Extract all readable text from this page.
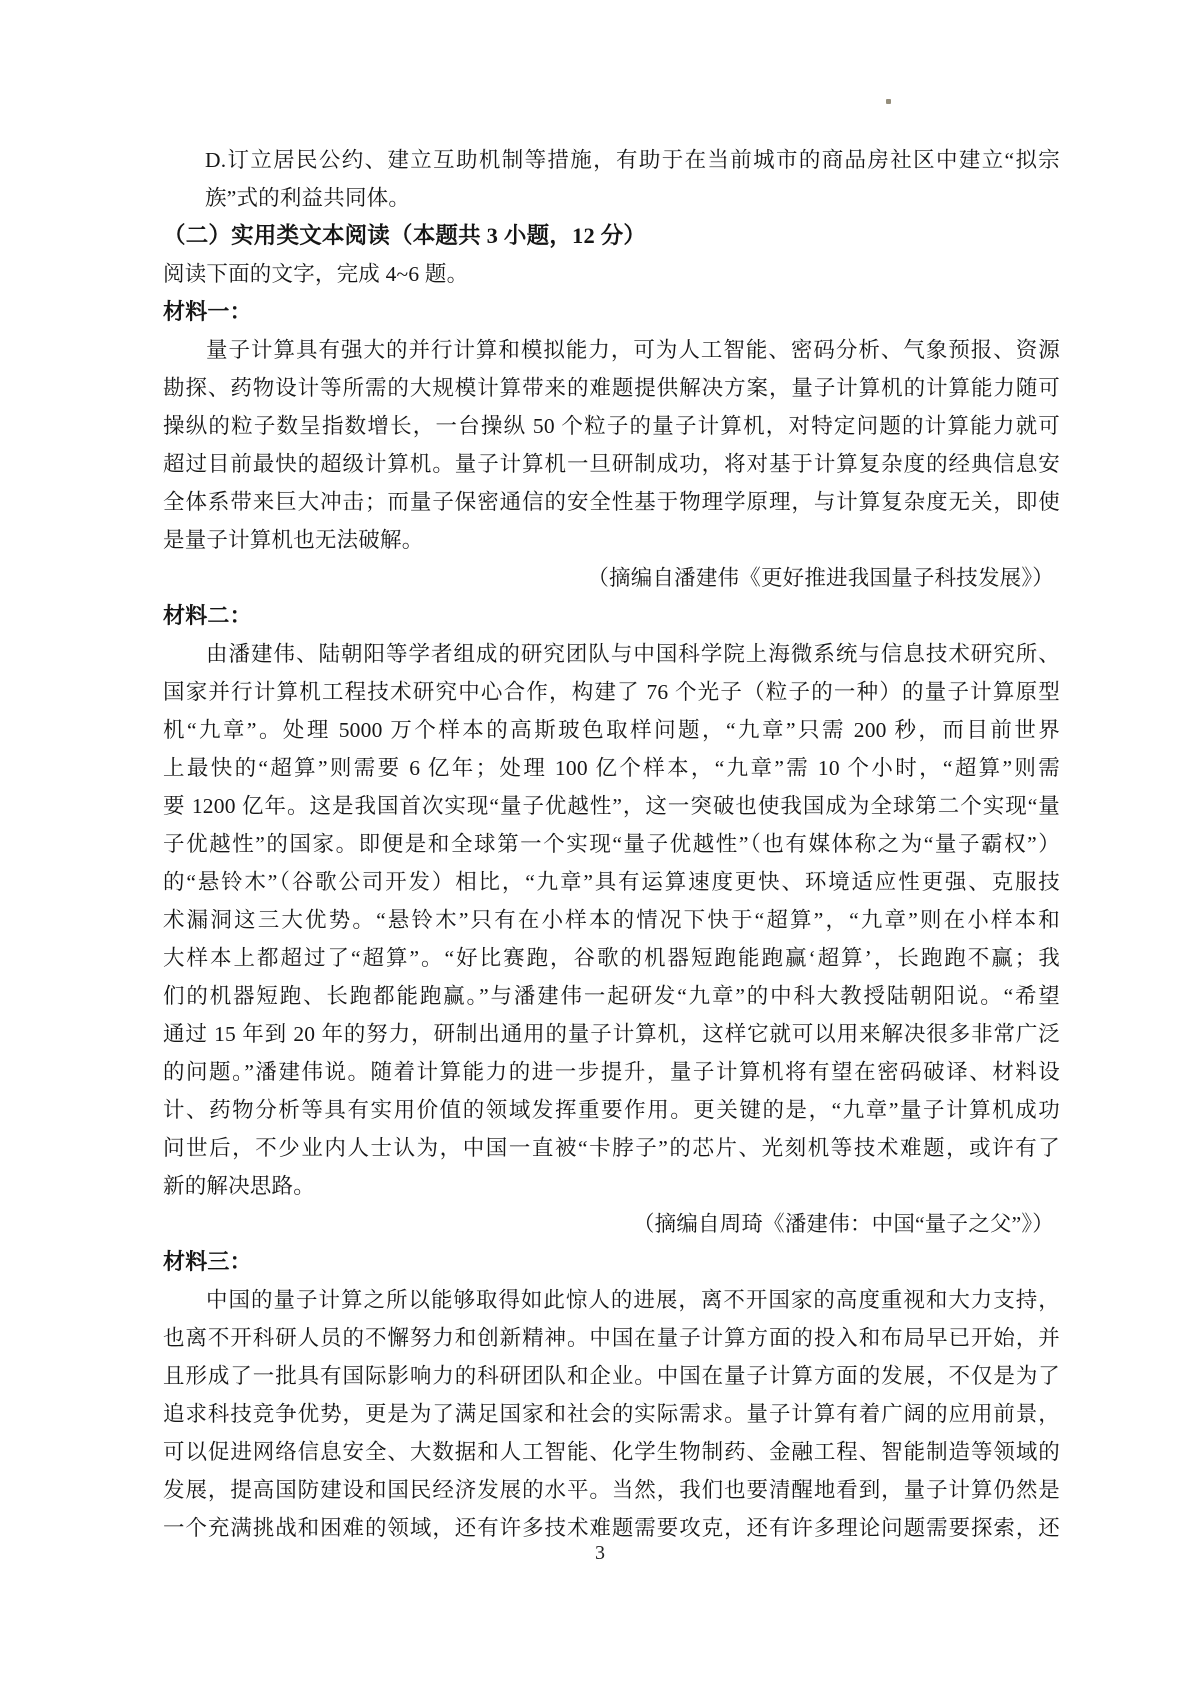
D.订立居民公约、建立互助机制等措施，有助于在当前城市的商品房社区中建立“拟宗
族”式的利益共同体。
（二）实用类文本阅读（本题共 3 小题，12 分）
阅读下面的文字，完成 4~6 题。
材料一：
量子计算具有强大的并行计算和模拟能力，可为人工智能、密码分析、气象预报、资源
勘探、药物设计等所需的大规模计算带来的难题提供解决方案，量子计算机的计算能力随可
操纵的粒子数呈指数增长，一台操纵 50 个粒子的量子计算机，对特定问题的计算能力就可
超过目前最快的超级计算机。量子计算机一旦研制成功，将对基于计算复杂度的经典信息安
全体系带来巨大冲击；而量子保密通信的安全性基于物理学原理，与计算复杂度无关，即使
是量子计算机也无法破解。
（摘编自潘建伟《更好推进我国量子科技发展》）
材料二：
由潘建伟、陆朝阳等学者组成的研究团队与中国科学院上海微系统与信息技术研究所、
国家并行计算机工程技术研究中心合作，构建了 76 个光子（粒子的一种）的量子计算原型
机“九章”。处理 5000 万个样本的高斯玻色取样问题，“九章”只需 200 秒，而目前世界
上最快的“超算”则需要 6 亿年；处理 100 亿个样本，“九章”需 10 个小时，“超算”则需
要 1200 亿年。这是我国首次实现“量子优越性”，这一突破也使我国成为全球第二个实现“量
子优越性”的国家。即便是和全球第一个实现“量子优越性”（也有媒体称之为“量子霸权”）
的“悬铃木”（谷歌公司开发）相比，“九章”具有运算速度更快、环境适应性更强、克服技
术漏洞这三大优势。“悬铃木”只有在小样本的情况下快于“超算”，“九章”则在小样本和
大样本上都超过了“超算”。“好比赛跑，谷歌的机器短跑能跑赢‘超算’，长跑跑不赢；我
们的机器短跑、长跑都能跑赢。”与潘建伟一起研发“九章”的中科大教授陆朝阳说。“希望
通过 15 年到 20 年的努力，研制出通用的量子计算机，这样它就可以用来解决很多非常广泛
的问题。”潘建伟说。随着计算能力的进一步提升，量子计算机将有望在密码破译、材料设
计、药物分析等具有实用价值的领域发挥重要作用。更关键的是，“九章”量子计算机成功
问世后，不少业内人士认为，中国一直被“卡脖子”的芯片、光刻机等技术难题，或许有了
新的解决思路。
（摘编自周琦《潘建伟：中国“量子之父”》）
材料三：
中国的量子计算之所以能够取得如此惊人的进展，离不开国家的高度重视和大力支持，
也离不开科研人员的不懈努力和创新精神。中国在量子计算方面的投入和布局早已开始，并
且形成了一批具有国际影响力的科研团队和企业。中国在量子计算方面的发展，不仅是为了
追求科技竞争优势，更是为了满足国家和社会的实际需求。量子计算有着广阔的应用前景，
可以促进网络信息安全、大数据和人工智能、化学生物制药、金融工程、智能制造等领域的
发展，提高国防建设和国民经济发展的水平。当然，我们也要清醒地看到，量子计算仍然是
一个充满挑战和困难的领域，还有许多技术难题需要攻克，还有许多理论问题需要探索，还
3
